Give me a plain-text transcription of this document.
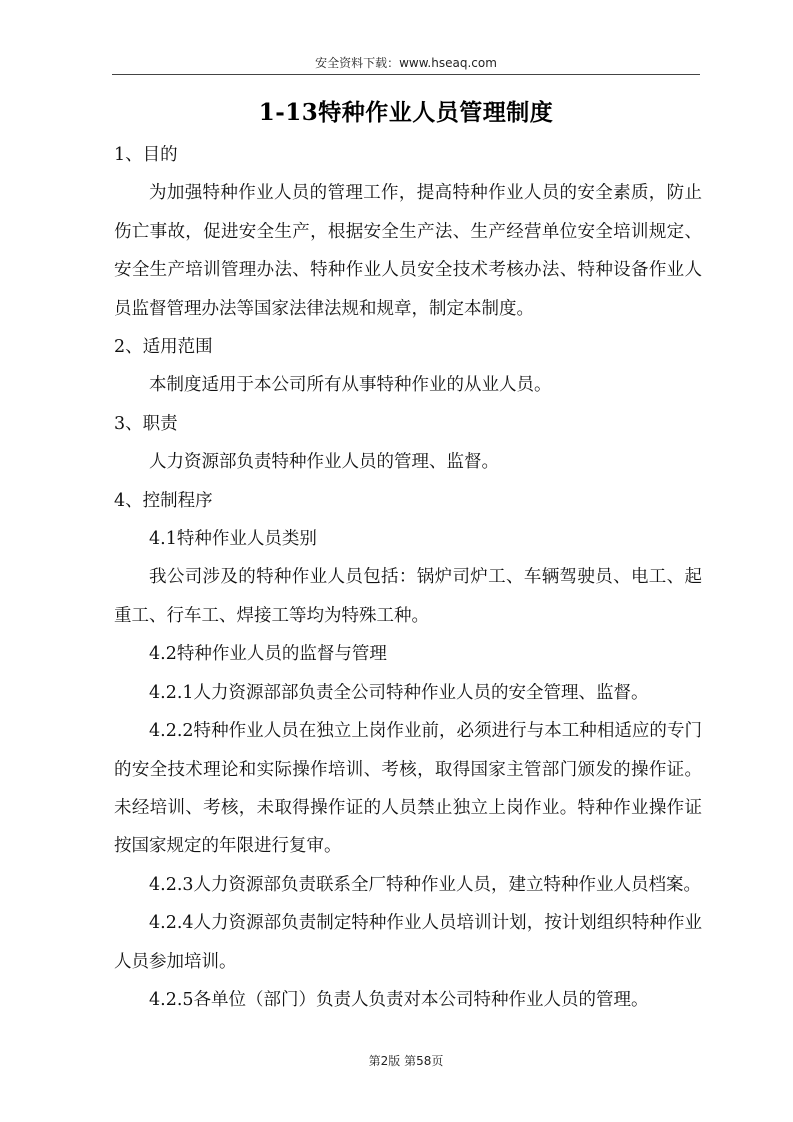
安全资料下载：www.hseaq.com
1-13特种作业人员管理制度

1、目的

为加强特种作业人员的管理工作，提高特种作业人员的安全素质，防止伤亡事故，促进安全生产，根据安全生产法、生产经营单位安全培训规定、安全生产培训管理办法、特种作业人员安全技术考核办法、特种设备作业人员监督管理办法等国家法律法规和规章，制定本制度。

2、适用范围

本制度适用于本公司所有从事特种作业的从业人员。

3、职责

人力资源部负责特种作业人员的管理、监督。

4、控制程序

4.1特种作业人员类别

我公司涉及的特种作业人员包括：锅炉司炉工、车辆驾驶员、电工、起重工、行车工、焊接工等均为特殊工种。

4.2特种作业人员的监督与管理

4.2.1人力资源部部负责全公司特种作业人员的安全管理、监督。

4.2.2特种作业人员在独立上岗作业前，必须进行与本工种相适应的专门的安全技术理论和实际操作培训、考核，取得国家主管部门颁发的操作证。未经培训、考核，未取得操作证的人员禁止独立上岗作业。特种作业操作证按国家规定的年限进行复审。

4.2.3人力资源部负责联系全厂特种作业人员，建立特种作业人员档案。

4.2.4人力资源部负责制定特种作业人员培训计划，按计划组织特种作业人员参加培训。

4.2.5各单位（部门）负责人负责对本公司特种作业人员的管理。

第2版 第58页
